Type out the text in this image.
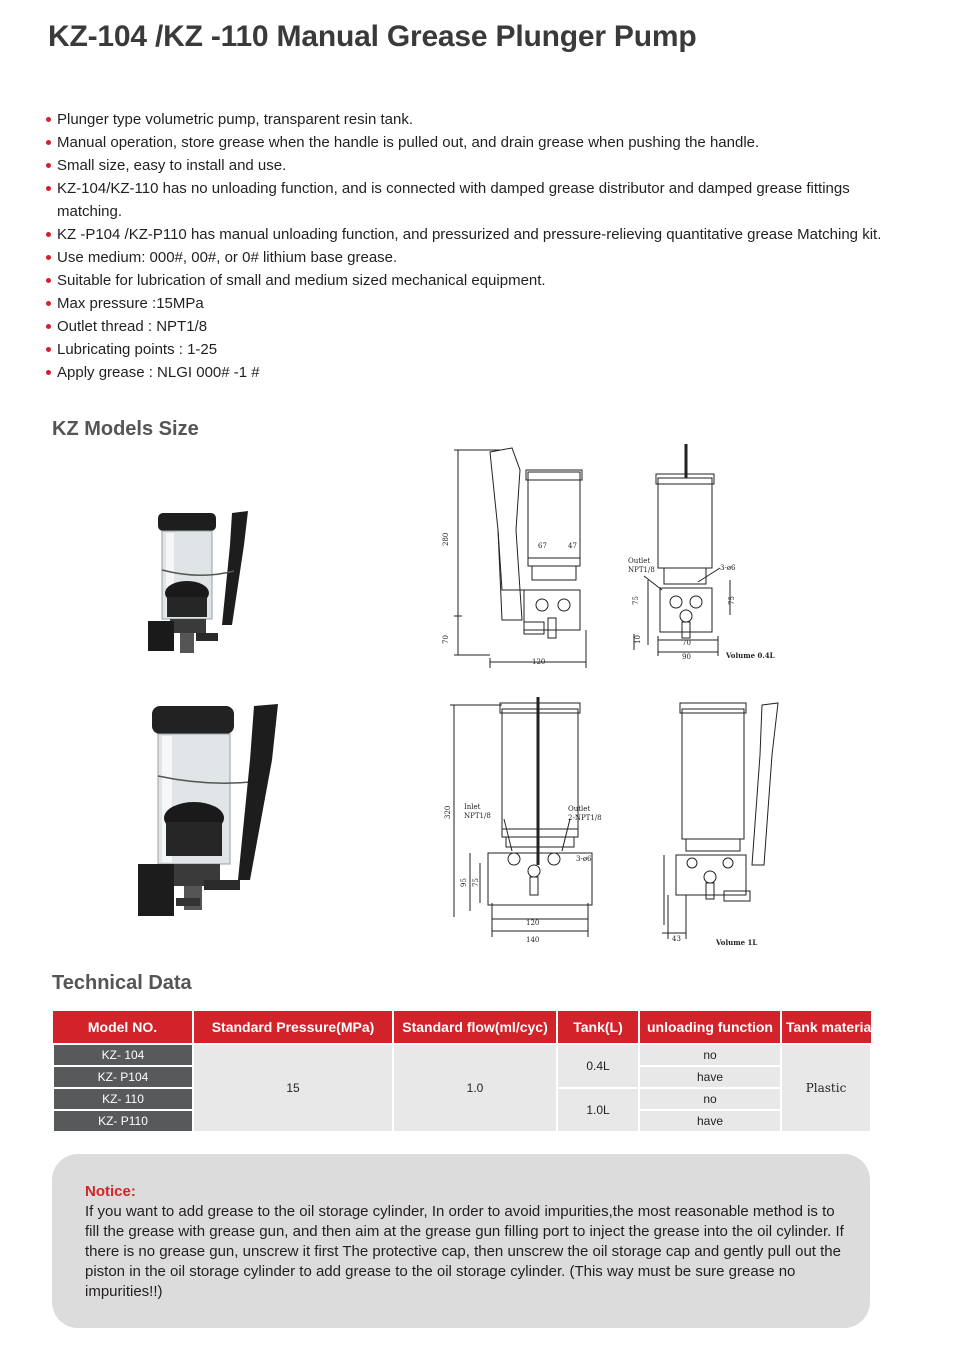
KZ-104 /KZ -110 Manual Grease Plunger Pump
Plunger type volumetric pump, transparent resin tank.
Manual operation, store grease when the handle is pulled out, and drain grease when pushing the handle.
Small size, easy to install and use.
KZ-104/KZ-110 has no unloading function, and is connected with damped grease distributor and damped grease fittings matching.
KZ -P104 /KZ-P110 has manual unloading function, and pressurized and pressure-relieving quantitative grease Matching kit.
Use medium: 000#, 00#, or 0# lithium base grease.
Suitable for lubrication of small and medium sized mechanical equipment.
Max pressure :15MPa
Outlet thread : NPT1/8
Lubricating points : 1-25
Apply grease : NLGI 000# -1 #
KZ Models Size
280
70
67	47
120
Outlet
NPT1/8	3-ø6
75	75
10	70
90	Volume 0.4L
320 Inlet
NPT1/8
Outlet
2-NPT1/8
3-ø6
95 75
120
140	43	Volume 1L
Technical Data
Model NO.	Standard Pressure(MPa)	Standard flow(ml/cyc)	Tank(L)	unloading function	Tank materia
KZ- 104	15	1.0	0.4L	no	Plastic
KZ- P104				have	
KZ- 110			1.0L	no	
KZ- P110				have	
Notice:
If you want to add grease to the oil storage cylinder, In order to avoid impurities,the most reasonable method is to fill the grease with grease gun, and then aim at the grease gun filling port to inject the grease into the oil cylinder. If there is no grease gun, unscrew it first The protective cap, then unscrew the oil storage cap and gently pull out the piston in the oil storage cylinder to add grease to the oil storage cylinder. (This way must be sure grease no impurities!!)
